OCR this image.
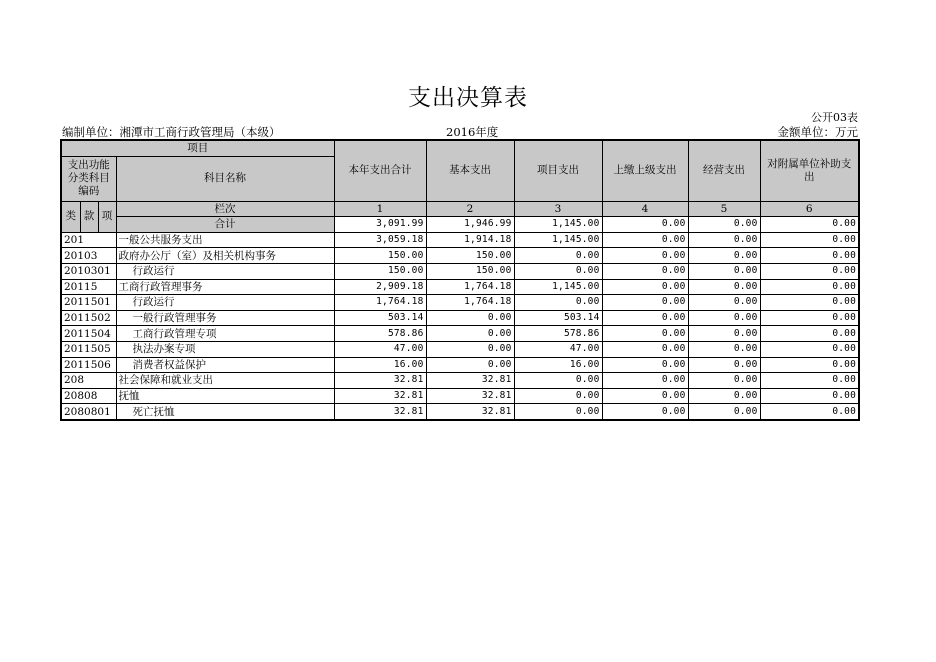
支出决算表
公开03表
编制单位：湘潭市工商行政管理局（本级）	2016年度	金额单位：万元
项目				本年支出合计	基本支出	项目支出	上缴上级支出	经营支出	对附属单位补助支出
支出功能分类科目编码			科目名称						

类	款	项	栏次	1	2	3	4	5	6
			合计	3,091.99	1,946.99	1,145.00	0.00	0.00	0.00
201			一般公共服务支出	3,059.18	1,914.18	1,145.00	0.00	0.00	0.00
20103			政府办公厅（室）及相关机构事务	150.00	150.00	0.00	0.00	0.00	0.00
2010301			行政运行	150.00	150.00	0.00	0.00	0.00	0.00
20115			工商行政管理事务	2,909.18	1,764.18	1,145.00	0.00	0.00	0.00
2011501			行政运行	1,764.18	1,764.18	0.00	0.00	0.00	0.00
2011502			一般行政管理事务	503.14	0.00	503.14	0.00	0.00	0.00
2011504			工商行政管理专项	578.86	0.00	578.86	0.00	0.00	0.00
2011505			执法办案专项	47.00	0.00	47.00	0.00	0.00	0.00
2011506			消费者权益保护	16.00	0.00	16.00	0.00	0.00	0.00
208			社会保障和就业支出	32.81	32.81	0.00	0.00	0.00	0.00
20808			抚恤	32.81	32.81	0.00	0.00	0.00	0.00
2080801			死亡抚恤	32.81	32.81	0.00	0.00	0.00	0.00
